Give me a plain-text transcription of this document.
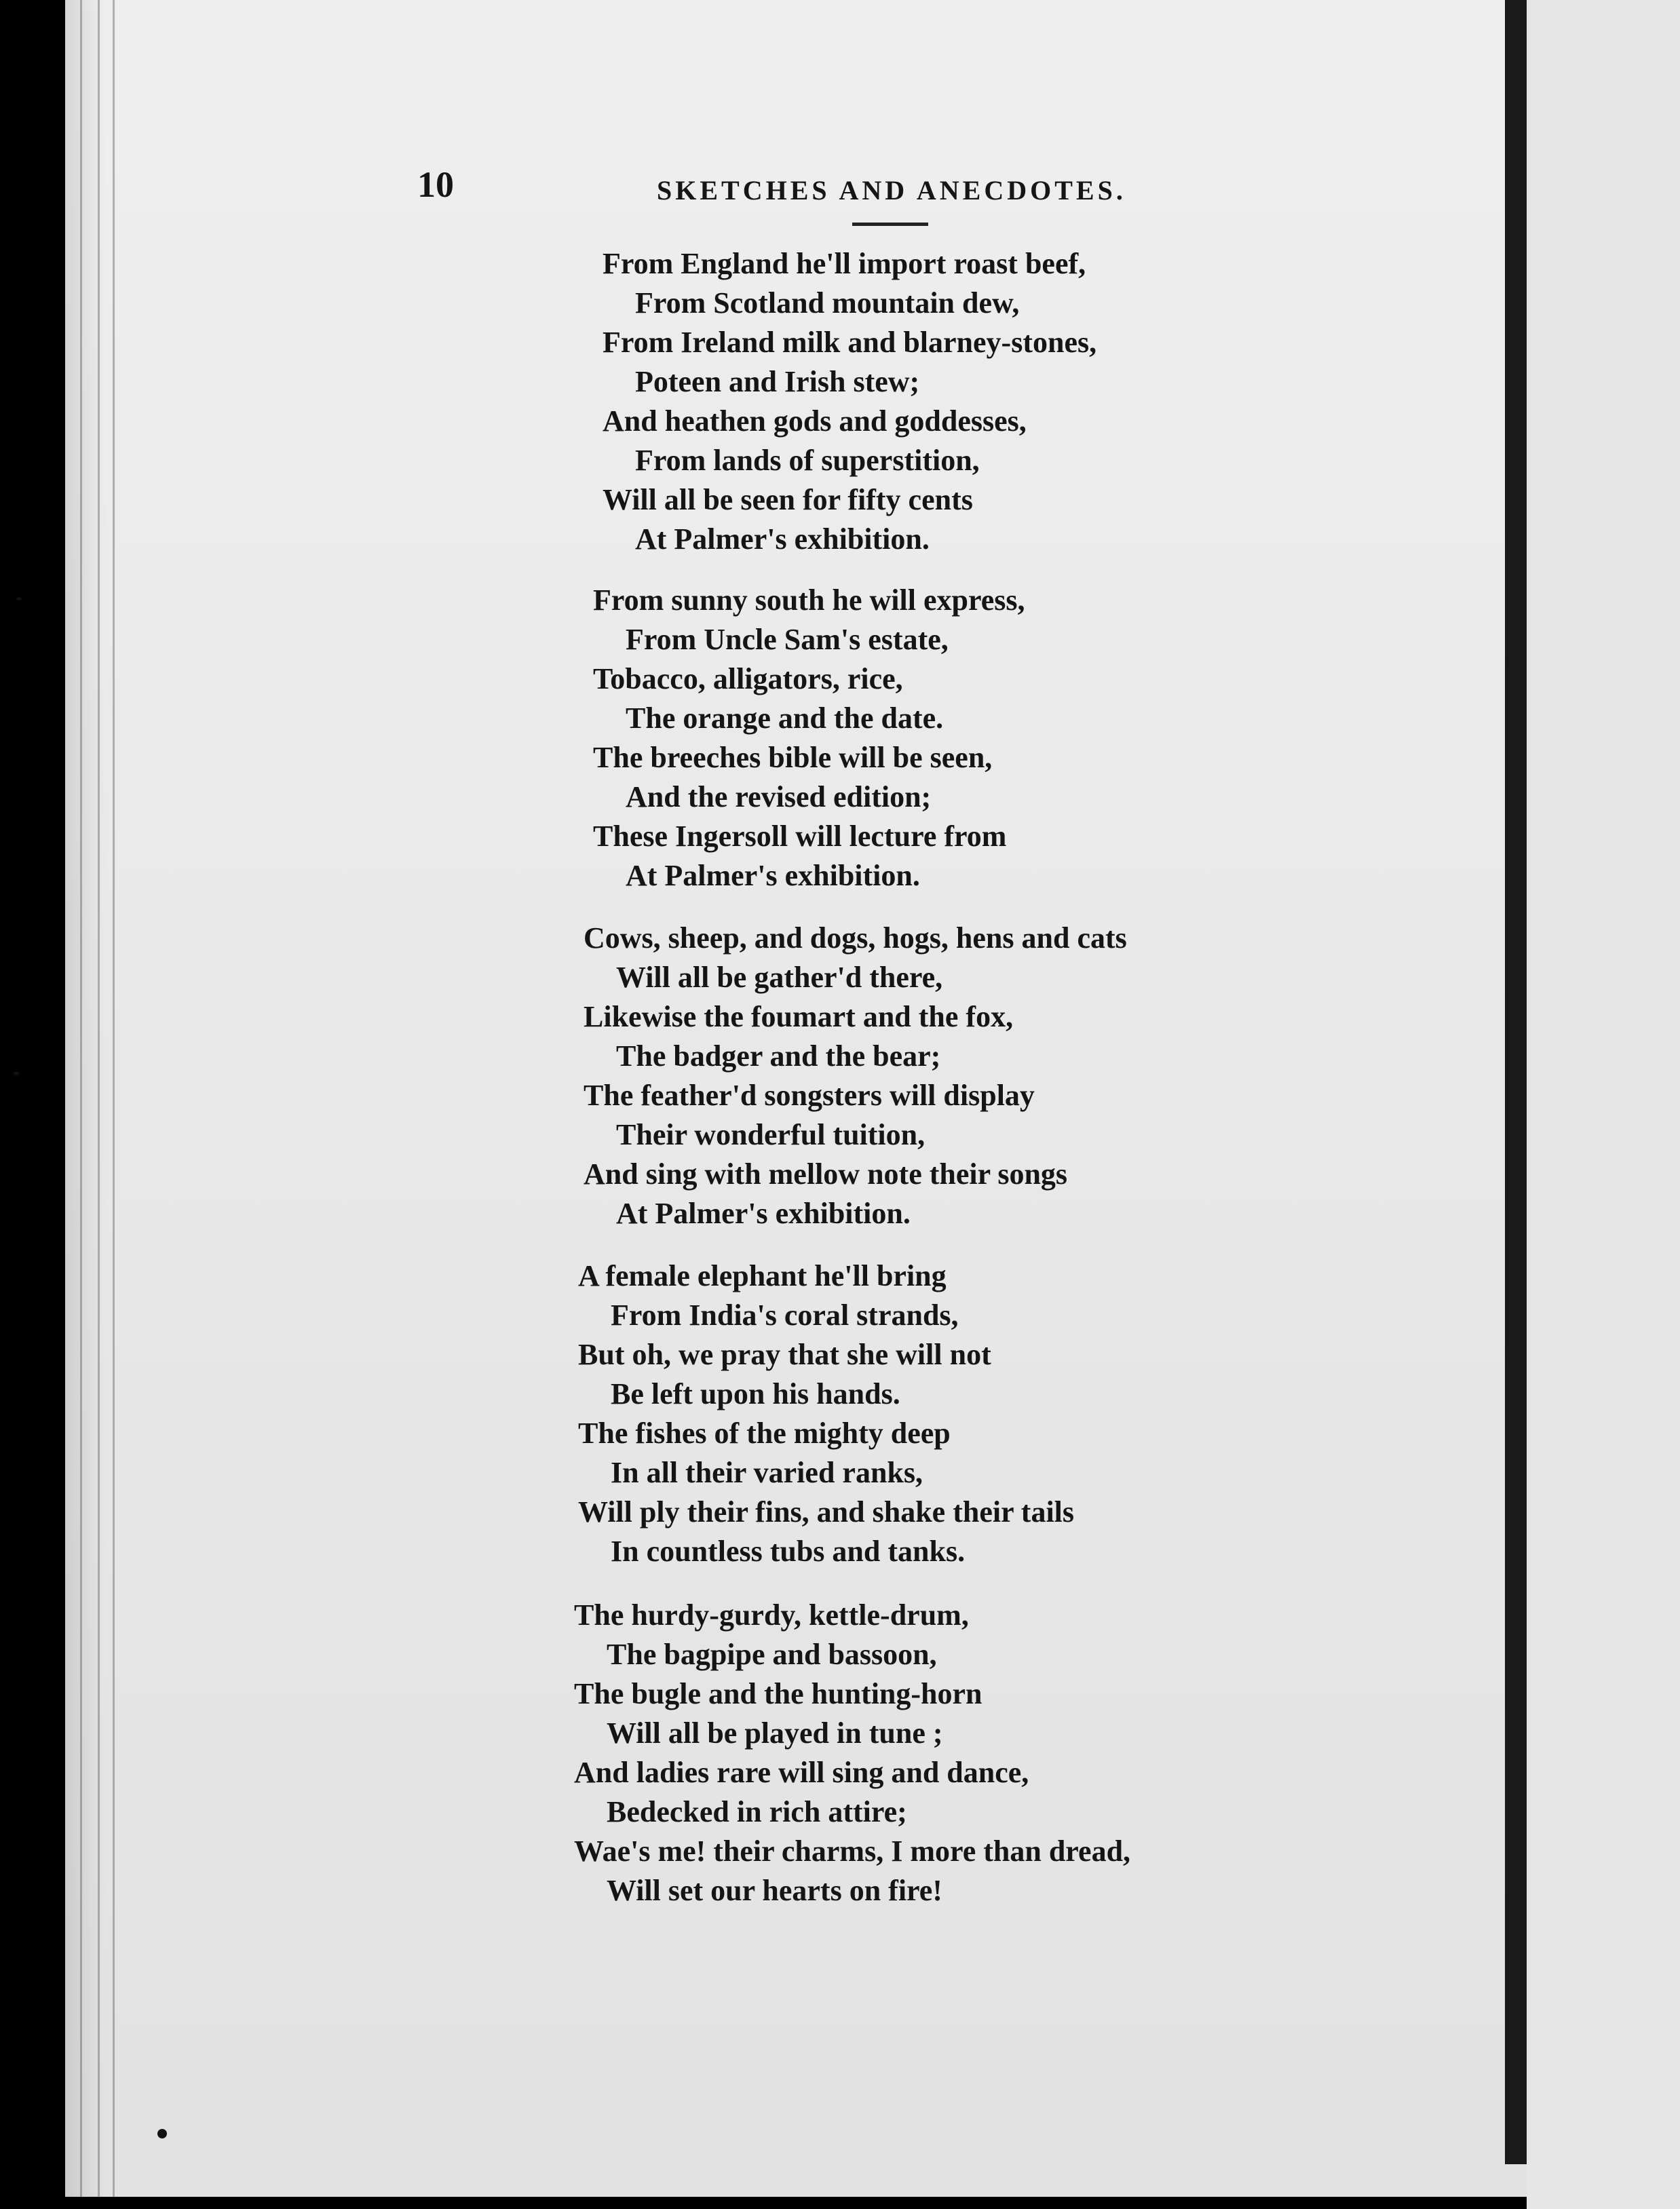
10	SKETCHES AND ANECDOTES.
From England he'll import roast beef,
From Scotland mountain dew,
From Ireland milk and blarney-stones,
Poteen and Irish stew;
And heathen gods and goddesses,
From lands of superstition,
Will all be seen for fifty cents
At Palmer's exhibition.
From sunny south he will express,
From Uncle Sam's estate,
Tobacco, alligators, rice,
The orange and the date.
The breeches bible will be seen,
And the revised edition;
These Ingersoll will lecture from
At Palmer's exhibition.
Cows, sheep, and dogs, hogs, hens and cats
Will all be gather'd there,
Likewise the foumart and the fox,
The badger and the bear;
The feather'd songsters will display
Their wonderful tuition,
And sing with mellow note their songs
At Palmer's exhibition.
A female elephant he'll bring
From India's coral strands,
But oh, we pray that she will not
Be left upon his hands.
The fishes of the mighty deep
In all their varied ranks,
Will ply their fins, and shake their tails
In countless tubs and tanks.
The hurdy-gurdy, kettle-drum,
The bagpipe and bassoon,
The bugle and the hunting-horn
Will all be played in tune ;
And ladies rare will sing and dance,
Bedecked in rich attire;
Wae's me! their charms, I more than dread,
Will set our hearts on fire!
